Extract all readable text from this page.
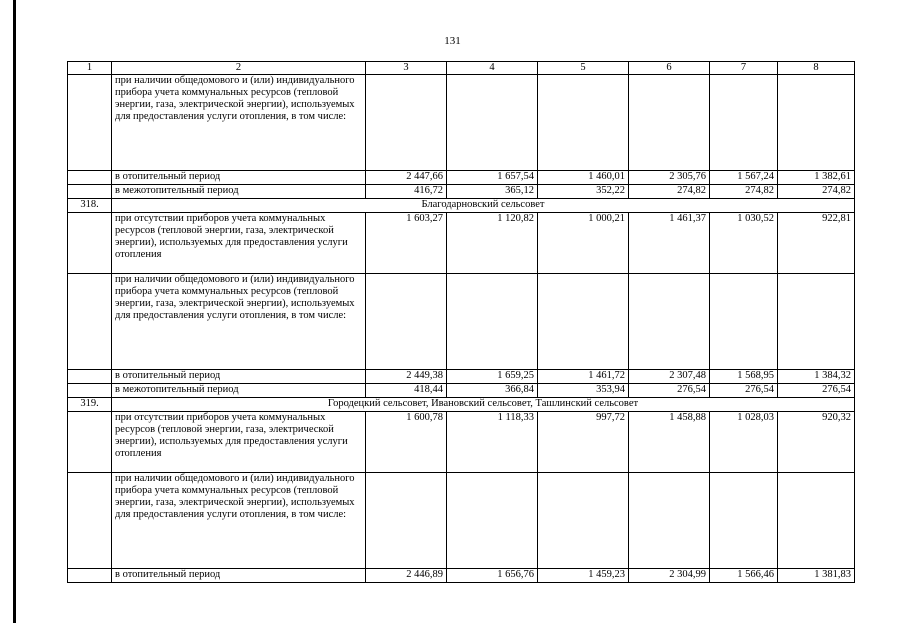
131
1	2	3	4	5	6	7	8
	при наличии общедомового и (или) индивидуального прибора учета коммунальных ресурсов (тепловой энергии, газа, электрической энергии), используемых для предоставления услуги отопления, в том числе:						
	в отопительный период	2 447,66	1 657,54	1 460,01	2 305,76	1 567,24	1 382,61
	в межотопительный период	416,72	365,12	352,22	274,82	274,82	274,82
318.	Благодарновский сельсовет						
	при отсутствии приборов учета коммунальных ресурсов (тепловой энергии, газа, электрической энергии), используемых для предоставления услуги отопления	1 603,27	1 120,82	1 000,21	1 461,37	1 030,52	922,81
	при наличии общедомового и (или) индивидуального прибора учета коммунальных ресурсов (тепловой энергии, газа, электрической энергии), используемых для предоставления услуги отопления, в том числе:						
	в отопительный период	2 449,38	1 659,25	1 461,72	2 307,48	1 568,95	1 384,32
	в межотопительный период	418,44	366,84	353,94	276,54	276,54	276,54
319.	Городецкий сельсовет, Ивановский сельсовет, Ташлинский сельсовет						
	при отсутствии приборов учета коммунальных ресурсов (тепловой энергии, газа, электрической энергии), используемых для предоставления услуги отопления	1 600,78	1 118,33	997,72	1 458,88	1 028,03	920,32
	при наличии общедомового и (или) индивидуального прибора учета коммунальных ресурсов (тепловой энергии, газа, электрической энергии), используемых для предоставления услуги отопления, в том числе:						
	в отопительный период	2 446,89	1 656,76	1 459,23	2 304,99	1 566,46	1 381,83
